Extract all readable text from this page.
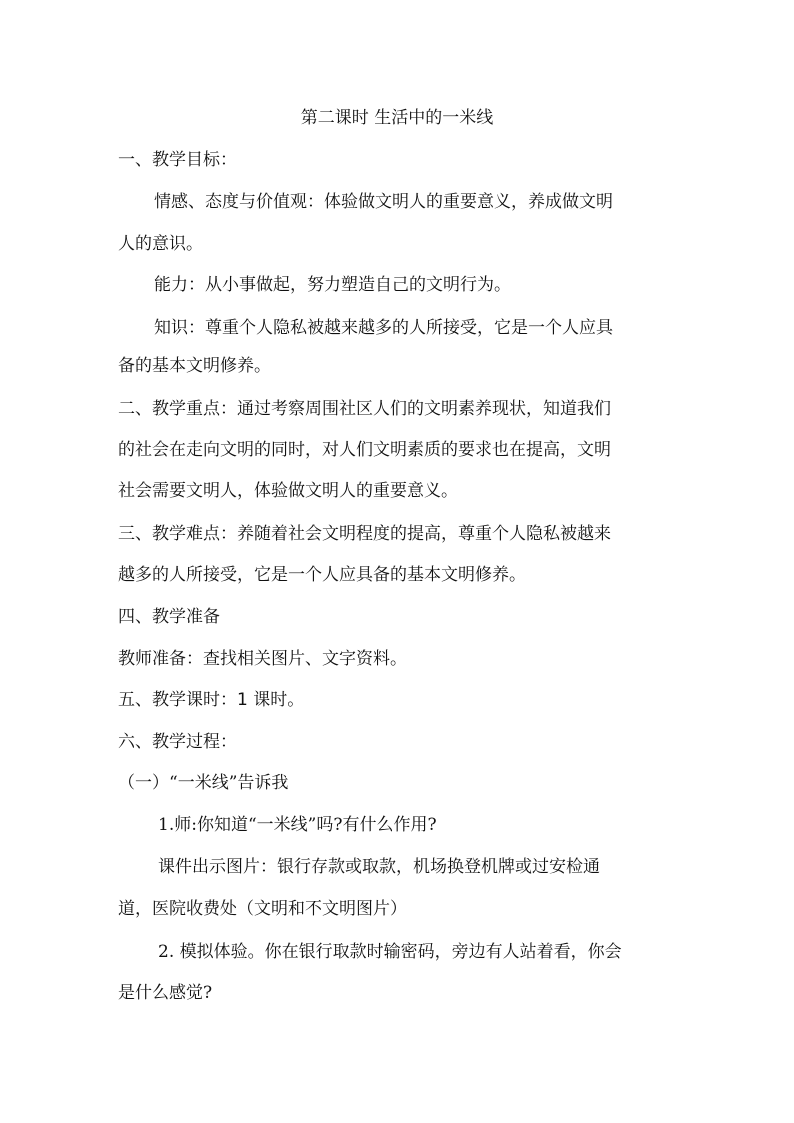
第二课时 生活中的一米线
一、教学目标：
情感、态度与价值观：体验做文明人的重要意义，养成做文明
人的意识。
能力：从小事做起，努力塑造自己的文明行为。
知识：尊重个人隐私被越来越多的人所接受，它是一个人应具
备的基本文明修养。
二、教学重点：通过考察周围社区人们的文明素养现状，知道我们
的社会在走向文明的同时，对人们文明素质的要求也在提高，文明
社会需要文明人，体验做文明人的重要意义。
三、教学难点：养随着社会文明程度的提高，尊重个人隐私被越来
越多的人所接受，它是一个人应具备的基本文明修养。
四、教学准备
教师准备：查找相关图片、文字资料。
五、教学课时：1 课时。
六、教学过程：
（一）“一米线”告诉我
1.师:你知道“一米线”吗?有什么作用?
课件出示图片：银行存款或取款，机场换登机牌或过安检通
道，医院收费处（文明和不文明图片）
2. 模拟体验。你在银行取款时输密码，旁边有人站着看，你会
是什么感觉?
